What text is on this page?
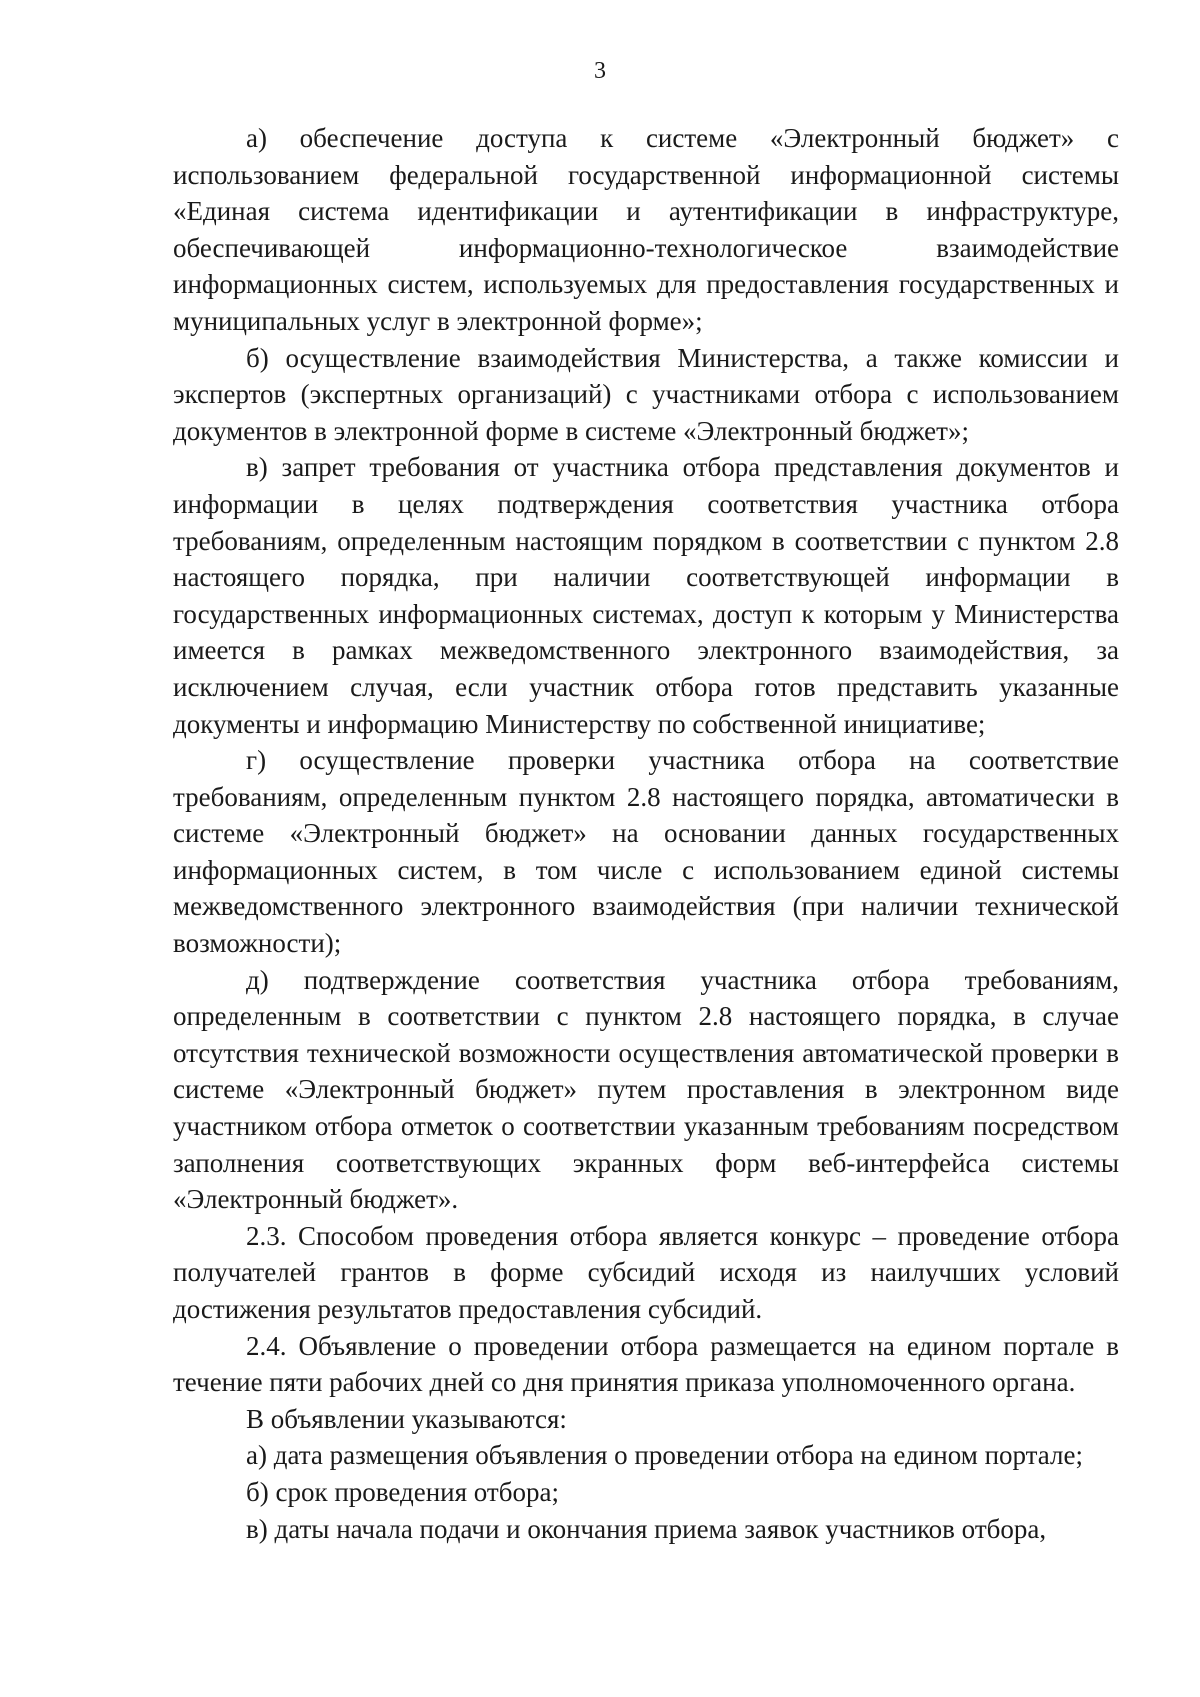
3

а) обеспечение доступа к системе «Электронный бюджет» с использованием федеральной государственной информационной системы «Единая система идентификации и аутентификации в инфраструктуре, обеспечивающей информационно-технологическое взаимодействие информационных систем, используемых для предоставления государственных и муниципальных услуг в электронной форме»;

б) осуществление взаимодействия Министерства, а также комиссии и экспертов (экспертных организаций) с участниками отбора с использованием документов в электронной форме в системе «Электронный бюджет»;

в) запрет требования от участника отбора представления документов и информации в целях подтверждения соответствия участника отбора требованиям, определенным настоящим порядком в соответствии с пунктом 2.8 настоящего порядка, при наличии соответствующей информации в государственных информационных системах, доступ к которым у Министерства имеется в рамках межведомственного электронного взаимодействия, за исключением случая, если участник отбора готов представить указанные документы и информацию Министерству по собственной инициативе;

г) осуществление проверки участника отбора на соответствие требованиям, определенным пунктом 2.8 настоящего порядка, автоматически в системе «Электронный бюджет» на основании данных государственных информационных систем, в том числе с использованием единой системы межведомственного электронного взаимодействия (при наличии технической возможности);

д) подтверждение соответствия участника отбора требованиям, определенным в соответствии с пунктом 2.8 настоящего порядка, в случае отсутствия технической возможности осуществления автоматической проверки в системе «Электронный бюджет» путем проставления в электронном виде участником отбора отметок о соответствии указанным требованиям посредством заполнения соответствующих экранных форм веб-интерфейса системы «Электронный бюджет».

2.3. Способом проведения отбора является конкурс – проведение отбора получателей грантов в форме субсидий исходя из наилучших условий достижения результатов предоставления субсидий.

2.4. Объявление о проведении отбора размещается на едином портале в течение пяти рабочих дней со дня принятия приказа уполномоченного органа.

В объявлении указываются:

а) дата размещения объявления о проведении отбора на едином портале;

б) срок проведения отбора;

в) даты начала подачи и окончания приема заявок участников отбора,
